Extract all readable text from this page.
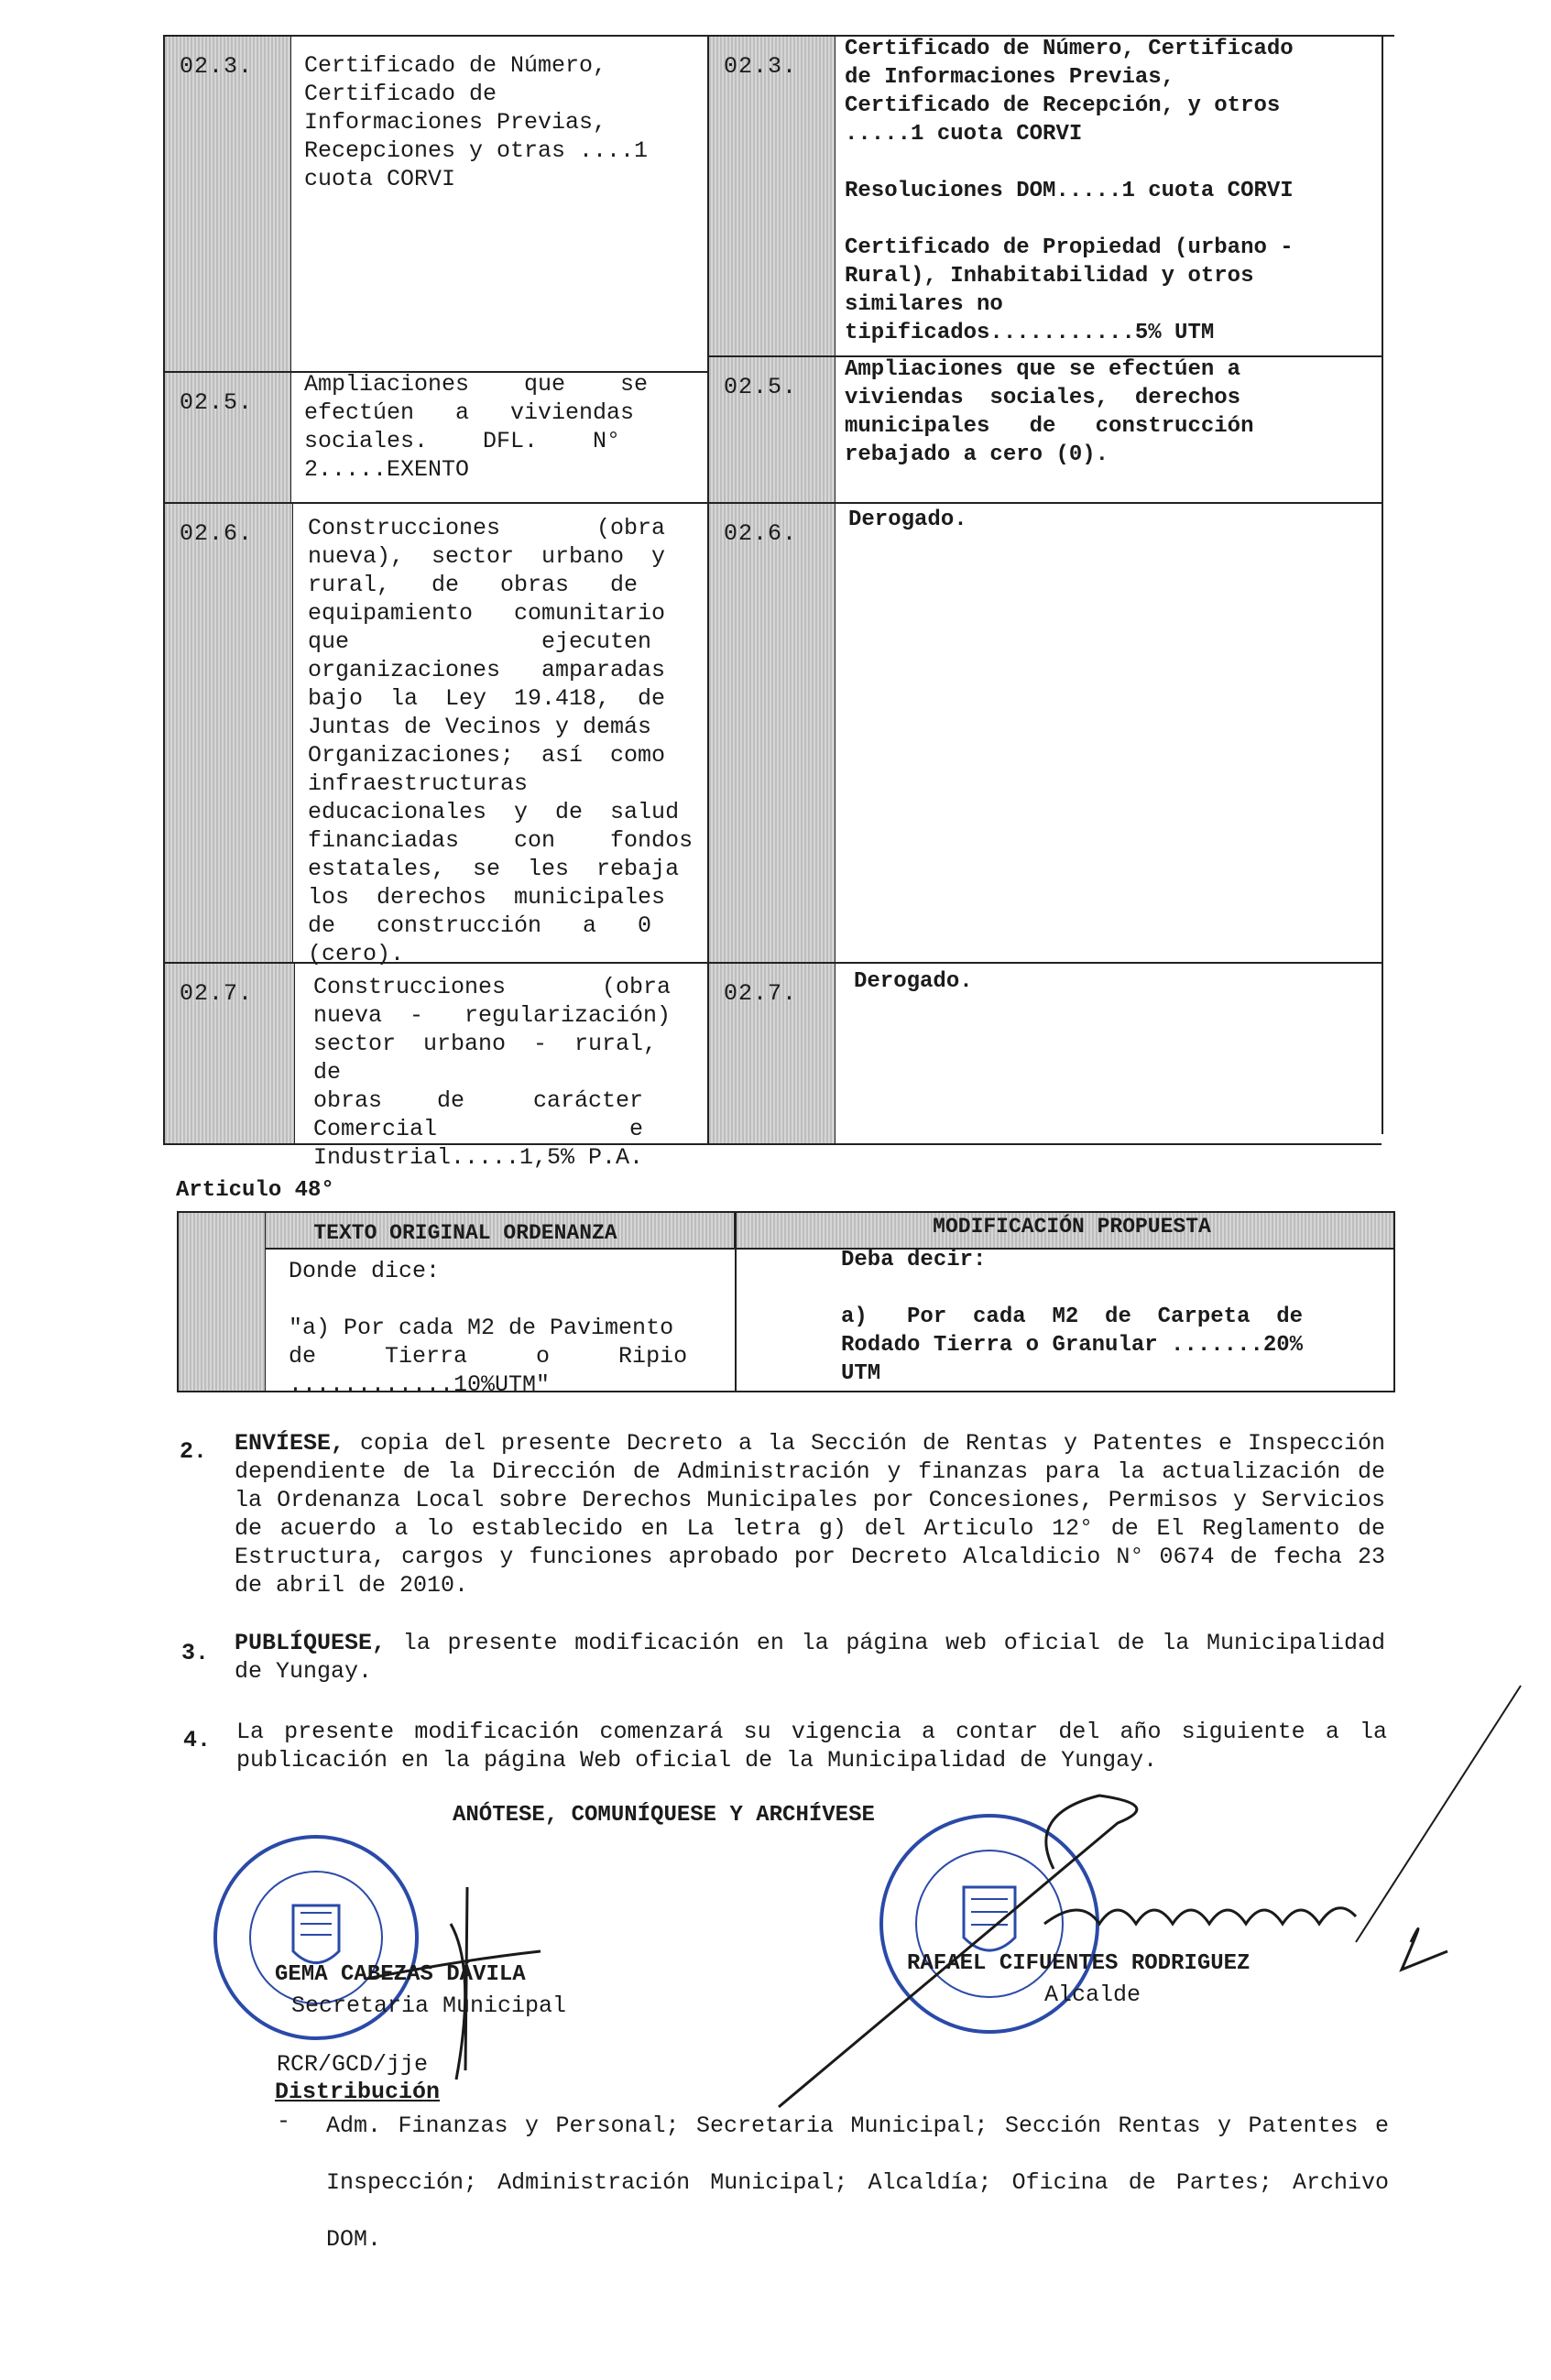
02.3.
02.5.
02.6.
02.7.
02.3.
02.5.
02.6.
02.7.
Certificado de Número,
Certificado de
Informaciones Previas,
Recepciones y otras ....1
cuota CORVI
Certificado de Número, Certificado
de Informaciones Previas,
Certificado de Recepción, y otros
.....1 cuota CORVI

Resoluciones DOM.....1 cuota CORVI

Certificado de Propiedad (urbano -
Rural), Inhabitabilidad y otros
similares no
tipificados...........5% UTM
Ampliaciones    que    se
efectúen   a   viviendas
sociales.    DFL.    N°
2.....EXENTO
Ampliaciones que se efectúen a
viviendas  sociales,  derechos
municipales   de   construcción
rebajado a cero (0).
Construcciones       (obra
nueva),  sector  urbano  y
rural,   de   obras   de
equipamiento   comunitario
que              ejecuten
organizaciones   amparadas
bajo  la  Ley  19.418,  de
Juntas de Vecinos y demás
Organizaciones;  así  como
infraestructuras
educacionales  y  de  salud
financiadas    con    fondos
estatales,  se  les  rebaja
los  derechos  municipales
de   construcción   a   0
(cero).
Derogado.
Construcciones       (obra
nueva  -   regularización)
sector  urbano  -  rural,  de
obras    de     carácter
Comercial              e
Industrial.....1,5% P.A.
Derogado.
Articulo 48°
TEXTO ORIGINAL ORDENANZA	MODIFICACIÓN PROPUESTA
Donde dice:

"a) Por cada M2 de Pavimento
de     Tierra     o     Ripio
............10%UTM"
Deba decir:

a)   Por  cada  M2  de  Carpeta  de
Rodado Tierra o Granular .......20%
UTM
2. ENVÍESE, copia del presente Decreto a la Sección de Rentas y Patentes e Inspección dependiente de la Dirección de Administración y finanzas para la actualización de la Ordenanza Local sobre Derechos Municipales por Concesiones, Permisos y Servicios de acuerdo a lo establecido en La letra g) del Articulo 12° de El Reglamento de Estructura, cargos y funciones aprobado por Decreto Alcaldicio N° 0674 de fecha 23 de abril de 2010.
3. PUBLÍQUESE, la presente modificación en la página web oficial de la Municipalidad de Yungay.
4. La presente modificación comenzará su vigencia a contar del año siguiente a la publicación en la página Web oficial de la Municipalidad de Yungay.
ANÓTESE, COMUNÍQUESE Y ARCHÍVESE
GEMA CABEZAS DÁVILA
Secretaria Municipal
RAFAEL CIFUENTES RODRIGUEZ
Alcalde
RCR/GCD/jje
Distribución
- Adm. Finanzas y Personal; Secretaria Municipal; Sección Rentas y Patentes e Inspección; Administración Municipal; Alcaldía; Oficina de Partes; Archivo DOM.
